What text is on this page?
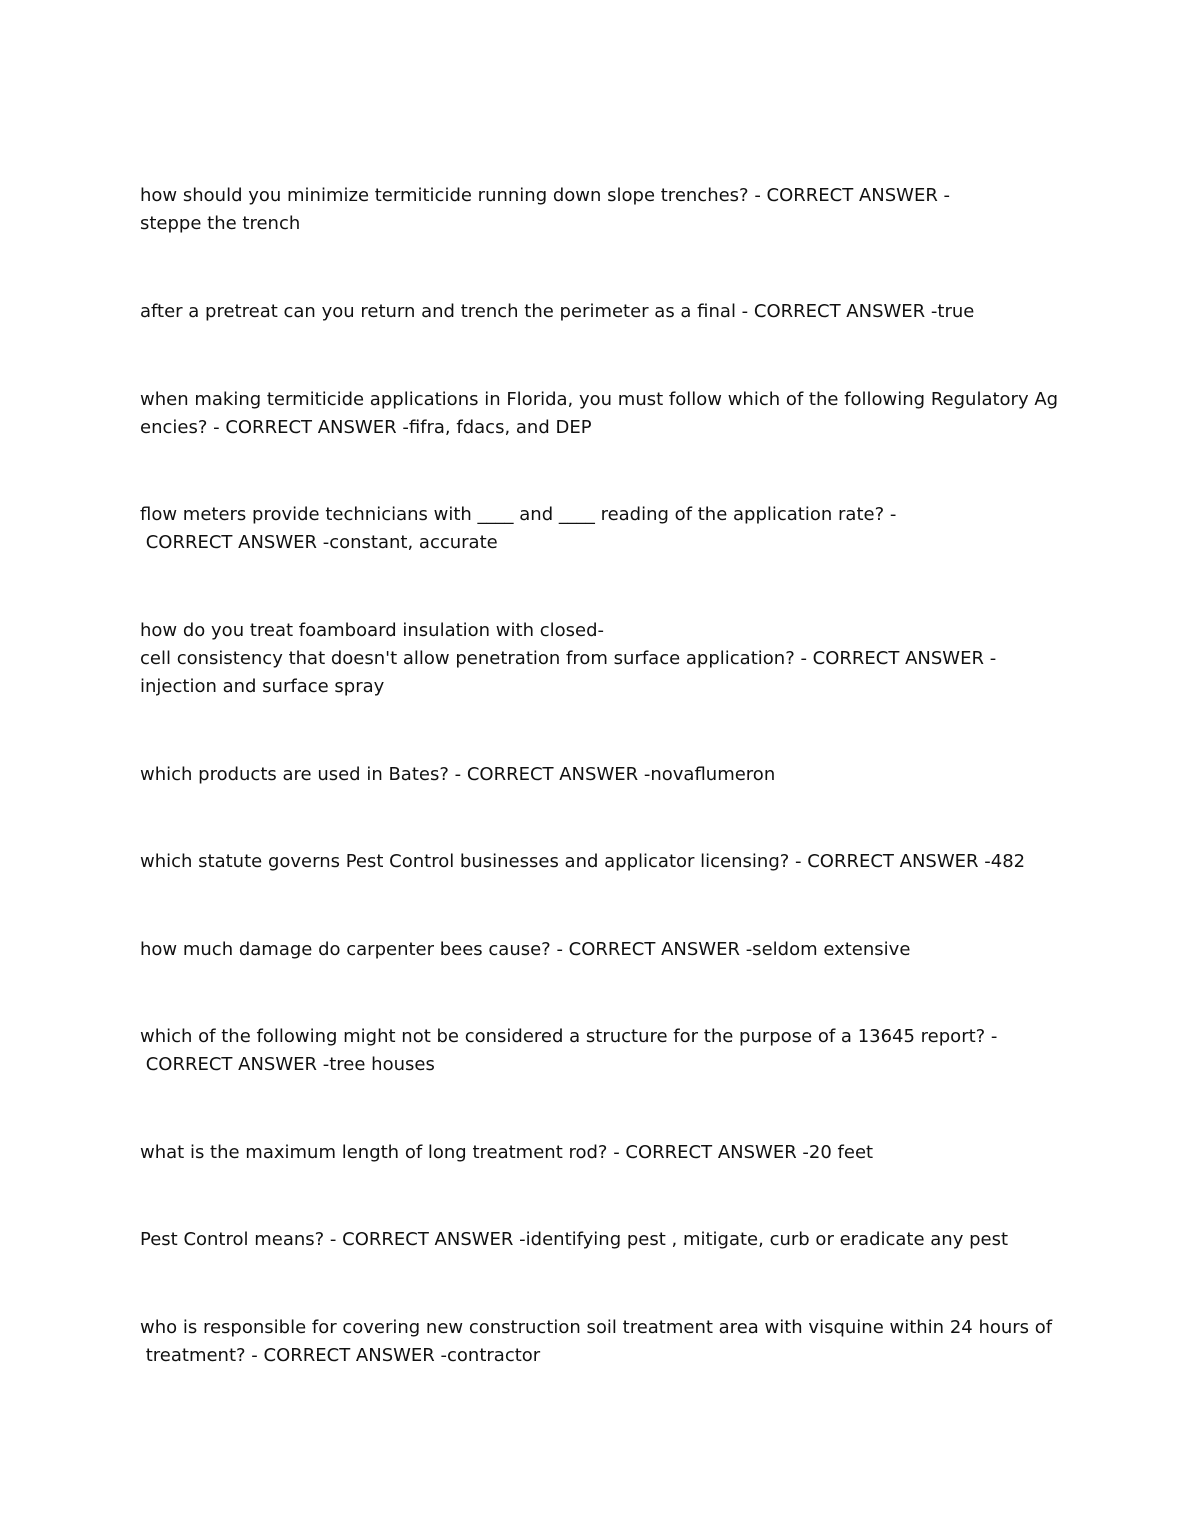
how should you minimize termiticide running down slope trenches? - CORRECT ANSWER -
steppe the trench

after a pretreat can you return and trench the perimeter as a final - CORRECT ANSWER -true

when making termiticide applications in Florida, you must follow which of the following Regulatory Ag
encies? - CORRECT ANSWER -fifra, fdacs, and DEP

flow meters provide technicians with ____ and ____ reading of the application rate? -
CORRECT ANSWER -constant, accurate

how do you treat foamboard insulation with closed-
cell consistency that doesn't allow penetration from surface application? - CORRECT ANSWER -
injection and surface spray

which products are used in Bates? - CORRECT ANSWER -novaflumeron

which statute governs Pest Control businesses and applicator licensing? - CORRECT ANSWER -482

how much damage do carpenter bees cause? - CORRECT ANSWER -seldom extensive

which of the following might not be considered a structure for the purpose of a 13645 report? -
CORRECT ANSWER -tree houses

what is the maximum length of long treatment rod? - CORRECT ANSWER -20 feet

Pest Control means? - CORRECT ANSWER -identifying pest , mitigate, curb or eradicate any pest

who is responsible for covering new construction soil treatment area with visquine within 24 hours of
treatment? - CORRECT ANSWER -contractor
